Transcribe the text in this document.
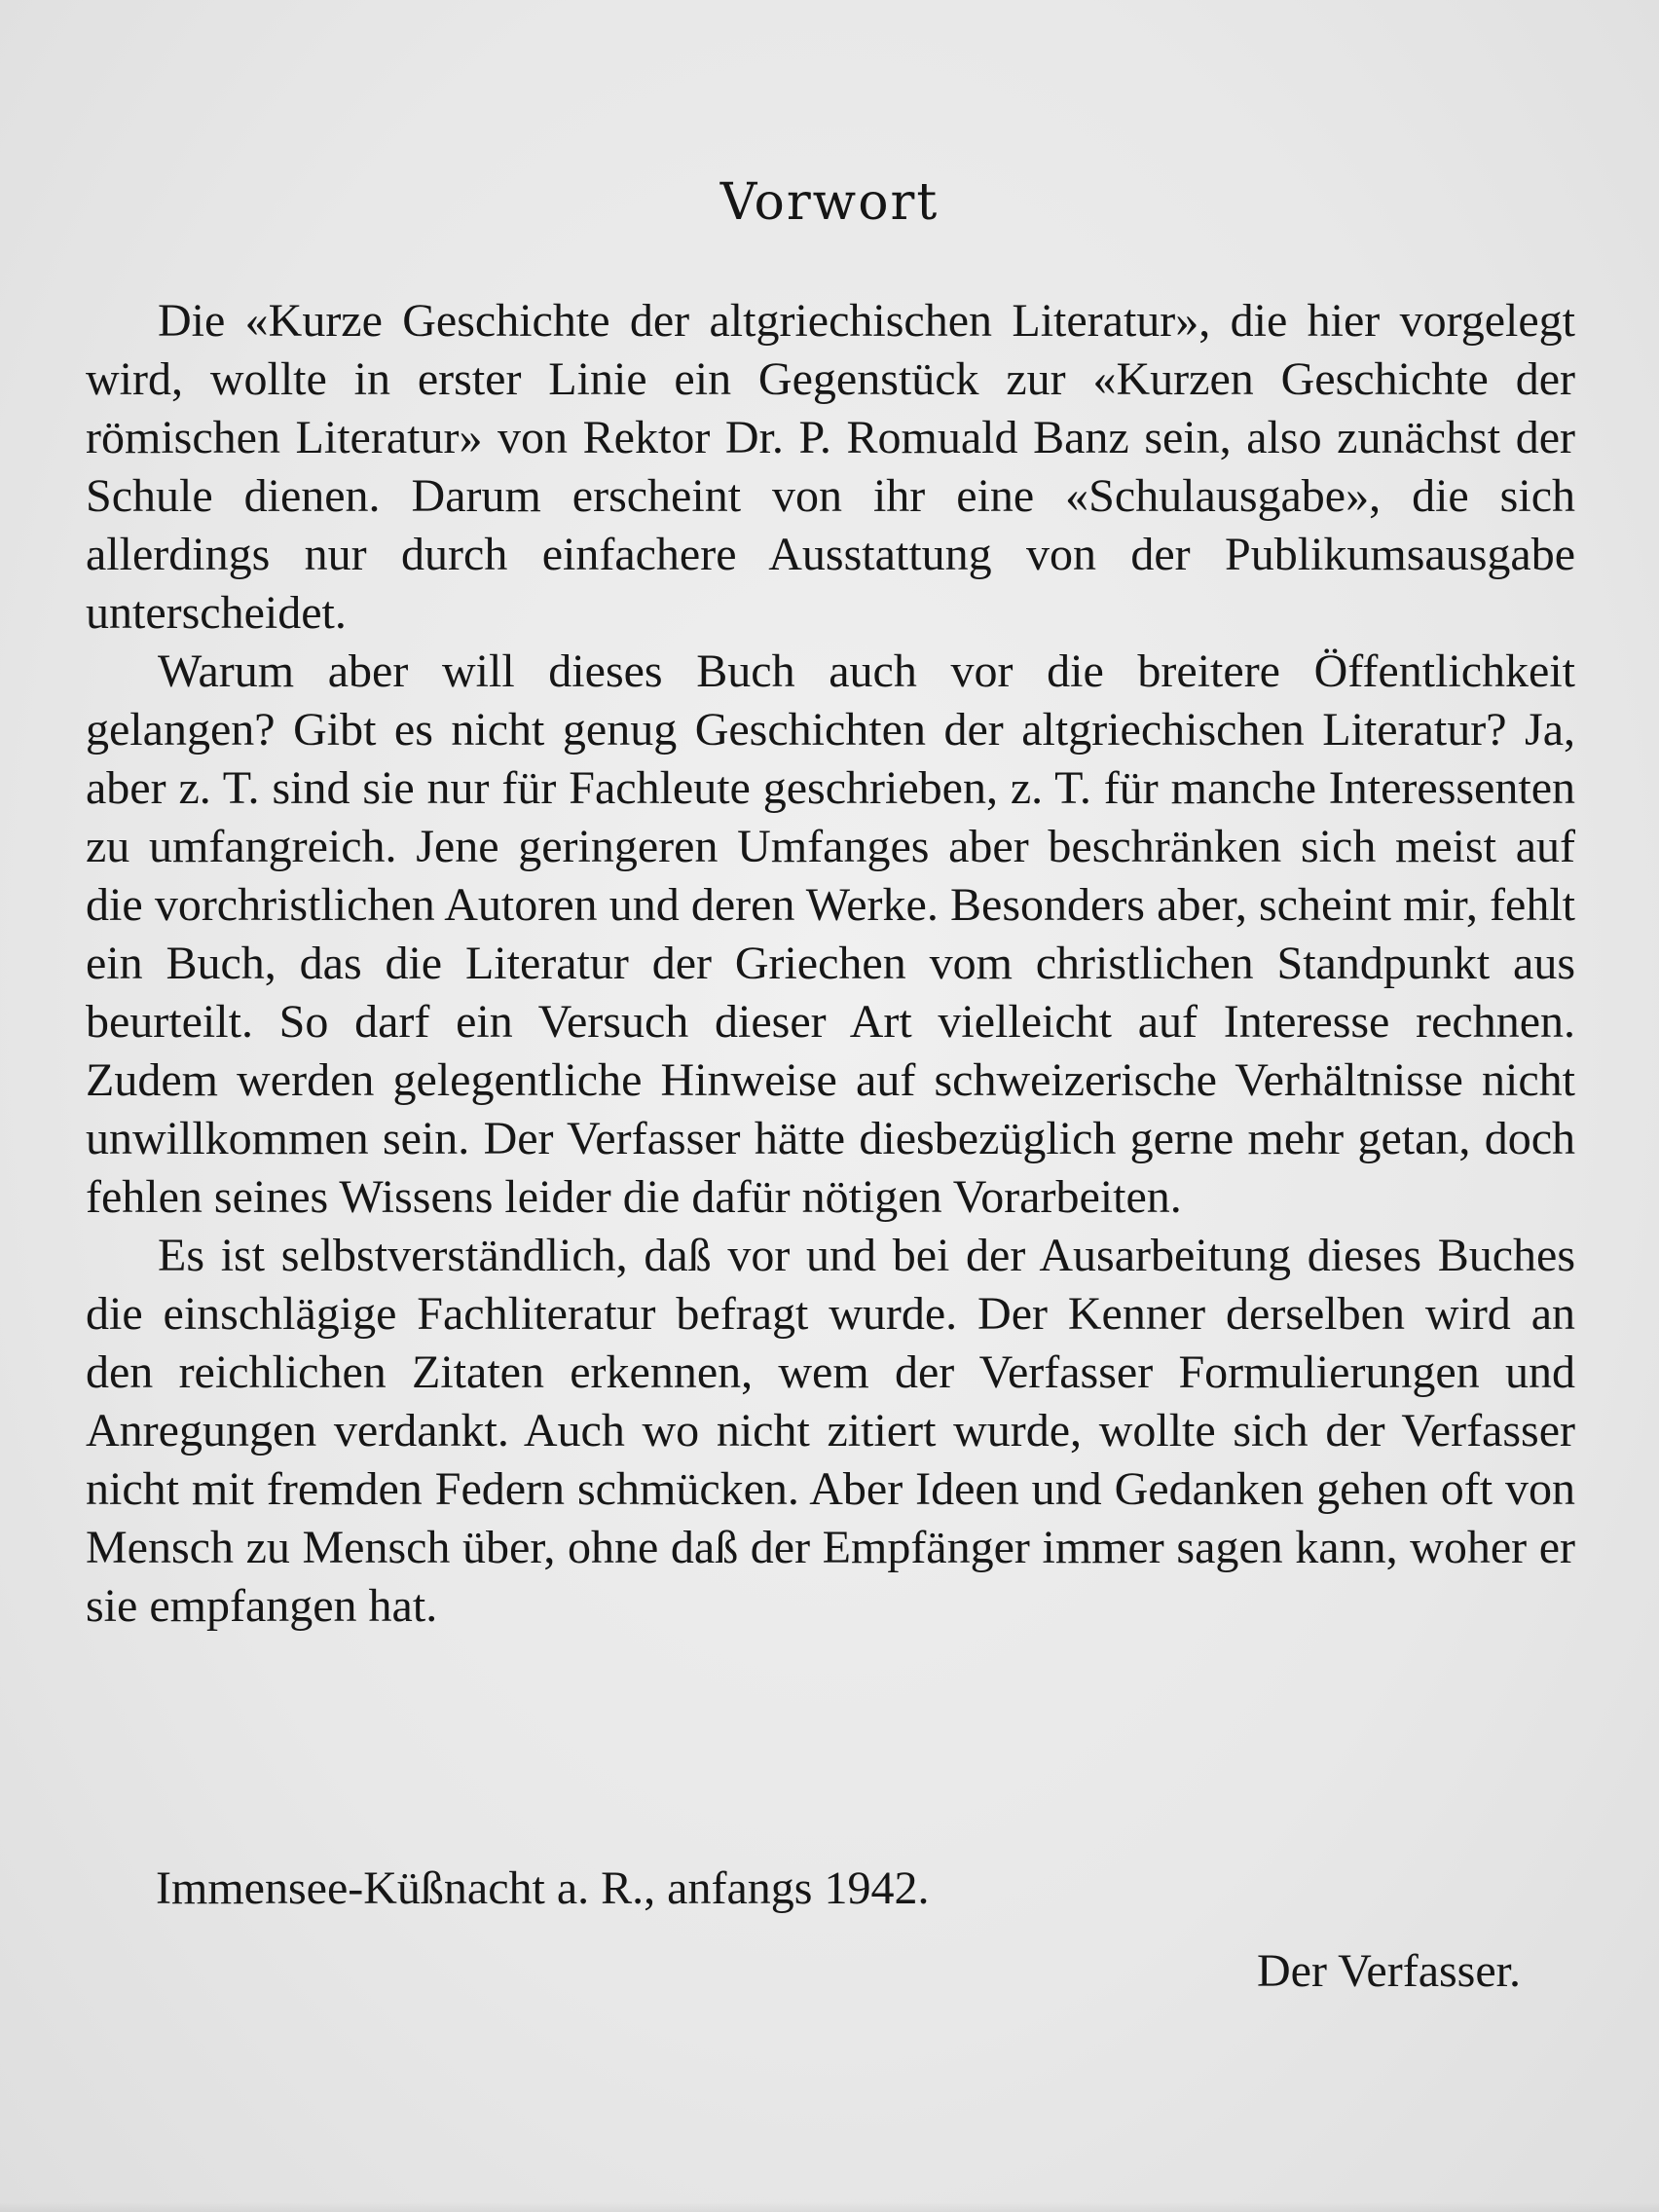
Vorwort

Die «Kurze Geschichte der altgriechischen Literatur», die hier vorgelegt wird, wollte in erster Linie ein Gegenstück zur «Kurzen Geschichte der römischen Literatur» von Rektor Dr. P. Romuald Banz sein, also zunächst der Schule dienen. Darum erscheint von ihr eine «Schulausgabe», die sich allerdings nur durch einfachere Ausstattung von der Publikumsausgabe unterscheidet.

Warum aber will dieses Buch auch vor die breitere Öffentlichkeit gelangen? Gibt es nicht genug Geschichten der altgriechischen Literatur? Ja, aber z. T. sind sie nur für Fachleute geschrieben, z. T. für manche Interessenten zu umfangreich. Jene geringeren Umfanges aber beschränken sich meist auf die vorchristlichen Autoren und deren Werke. Besonders aber, scheint mir, fehlt ein Buch, das die Literatur der Griechen vom christlichen Standpunkt aus beurteilt. So darf ein Versuch dieser Art vielleicht auf Interesse rechnen. Zudem werden gelegentliche Hinweise auf schweizerische Verhältnisse nicht unwillkommen sein. Der Verfasser hätte diesbezüglich gerne mehr getan, doch fehlen seines Wissens leider die dafür nötigen Vorarbeiten.

Es ist selbstverständlich, daß vor und bei der Ausarbeitung dieses Buches die einschlägige Fachliteratur befragt wurde. Der Kenner derselben wird an den reichlichen Zitaten erkennen, wem der Verfasser Formulierungen und Anregungen verdankt. Auch wo nicht zitiert wurde, wollte sich der Verfasser nicht mit fremden Federn schmücken. Aber Ideen und Gedanken gehen oft von Mensch zu Mensch über, ohne daß der Empfänger immer sagen kann, woher er sie empfangen hat.

Immensee-Küßnacht a. R., anfangs 1942.
Der Verfasser.
